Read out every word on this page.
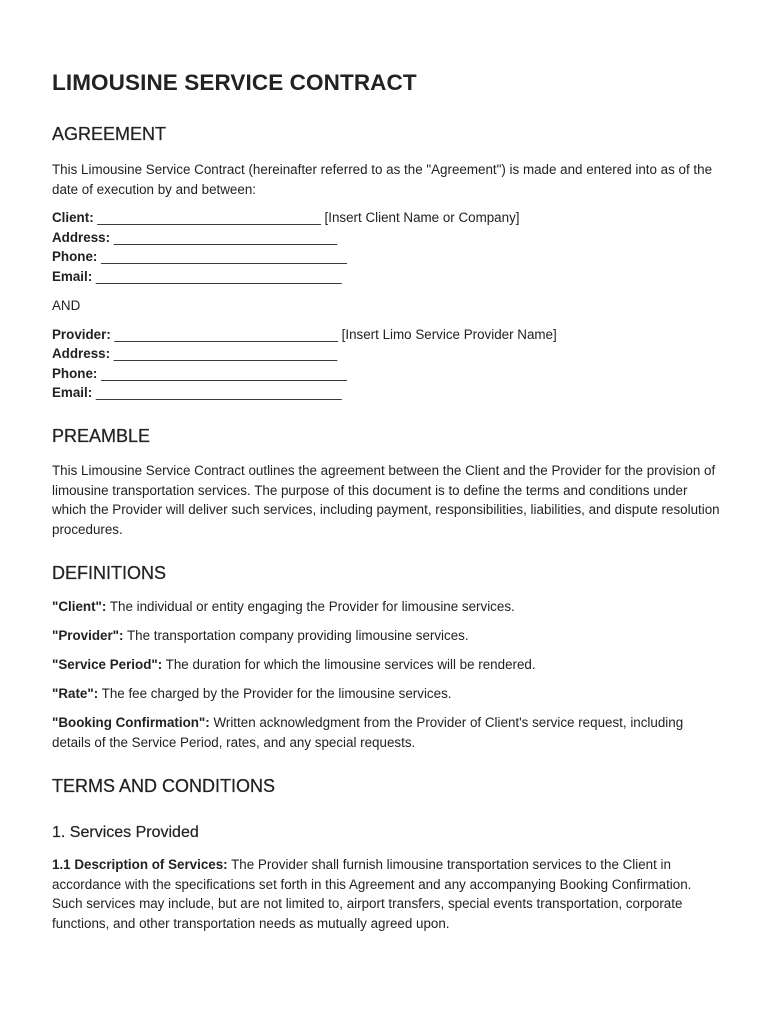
LIMOUSINE SERVICE CONTRACT
AGREEMENT

This Limousine Service Contract (hereinafter referred to as the "Agreement") is made and entered into as of the date of execution by and between:

Client: ______________________________ [Insert Client Name or Company]
Address: ______________________________
Phone: _________________________________
Email: _________________________________
AND
Provider: ______________________________ [Insert Limo Service Provider Name]
Address: ______________________________
Phone: _________________________________
Email: _________________________________
PREAMBLE

This Limousine Service Contract outlines the agreement between the Client and the Provider for the provision of limousine transportation services. The purpose of this document is to define the terms and conditions under which the Provider will deliver such services, including payment, responsibilities, liabilities, and dispute resolution procedures.

DEFINITIONS

"Client": The individual or entity engaging the Provider for limousine services.

"Provider": The transportation company providing limousine services.

"Service Period": The duration for which the limousine services will be rendered.

"Rate": The fee charged by the Provider for the limousine services.

"Booking Confirmation": Written acknowledgment from the Provider of Client's service request, including details of the Service Period, rates, and any special requests.

TERMS AND CONDITIONS
1. Services Provided

1.1 Description of Services: The Provider shall furnish limousine transportation services to the Client in accordance with the specifications set forth in this Agreement and any accompanying Booking Confirmation. Such services may include, but are not limited to, airport transfers, special events transportation, corporate functions, and other transportation needs as mutually agreed upon.
